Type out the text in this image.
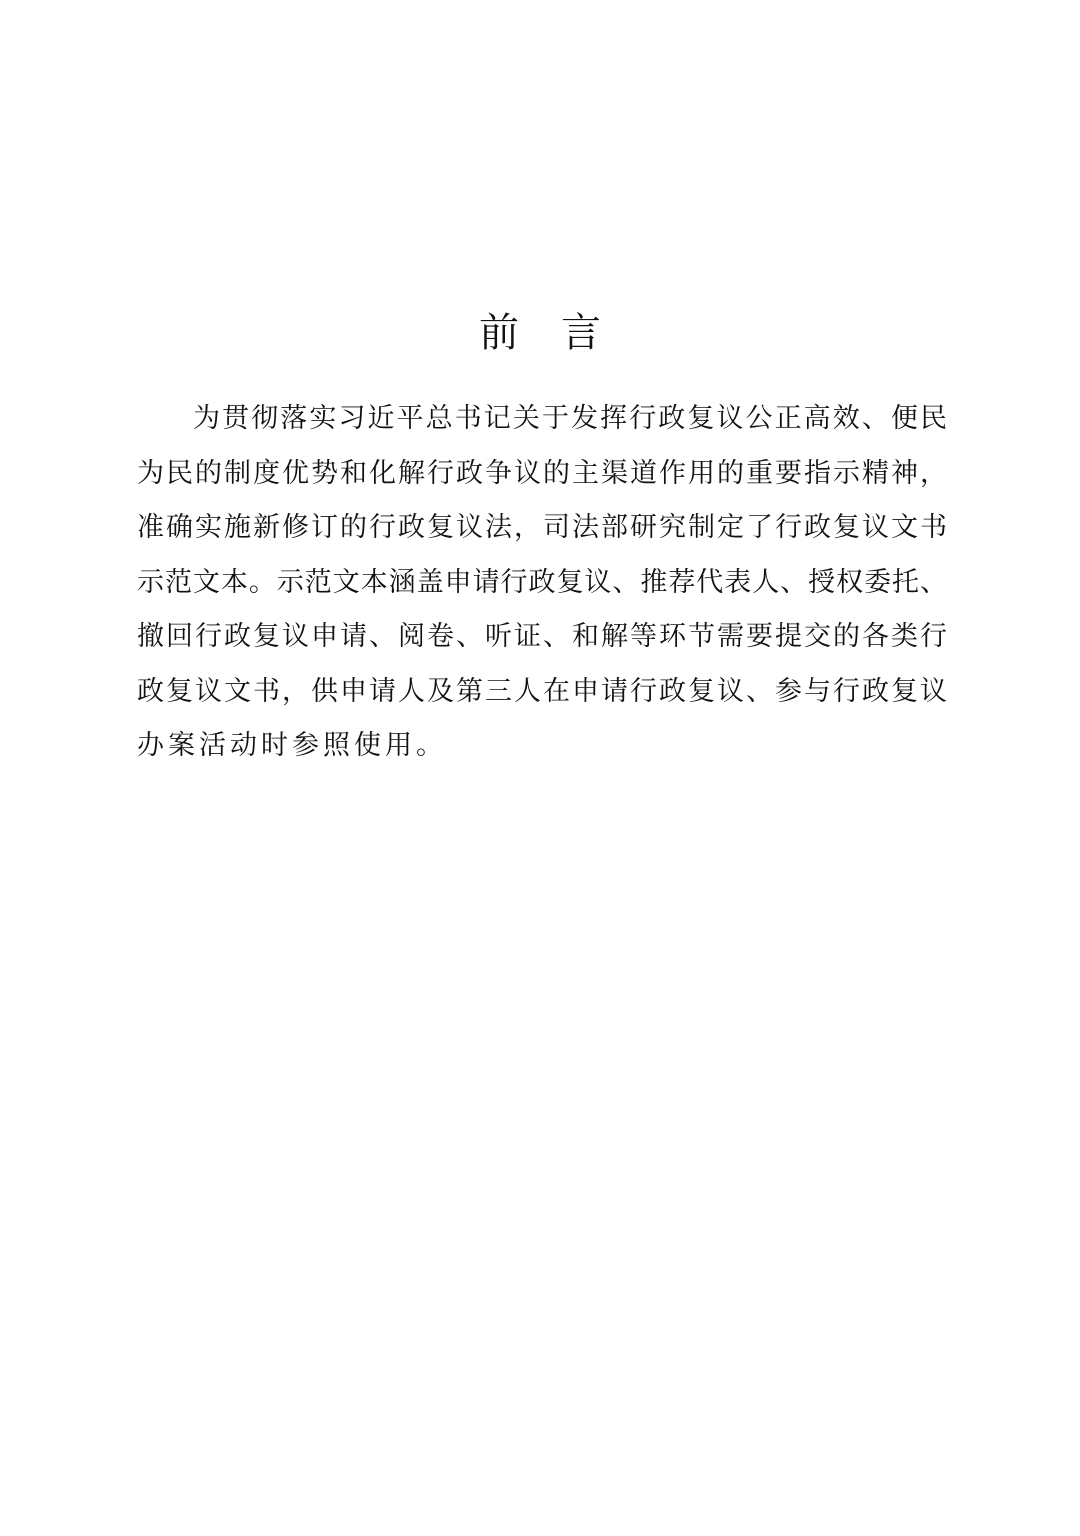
前言

为贯彻落实习近平总书记关于发挥行政复议公正高效、便民
为民的制度优势和化解行政争议的主渠道作用的重要指示精神，
准确实施新修订的行政复议法，司法部研究制定了行政复议文书
示范文本。示范文本涵盖申请行政复议、推荐代表人、授权委托、
撤回行政复议申请、阅卷、听证、和解等环节需要提交的各类行
政复议文书，供申请人及第三人在申请行政复议、参与行政复议
办案活动时参照使用。
